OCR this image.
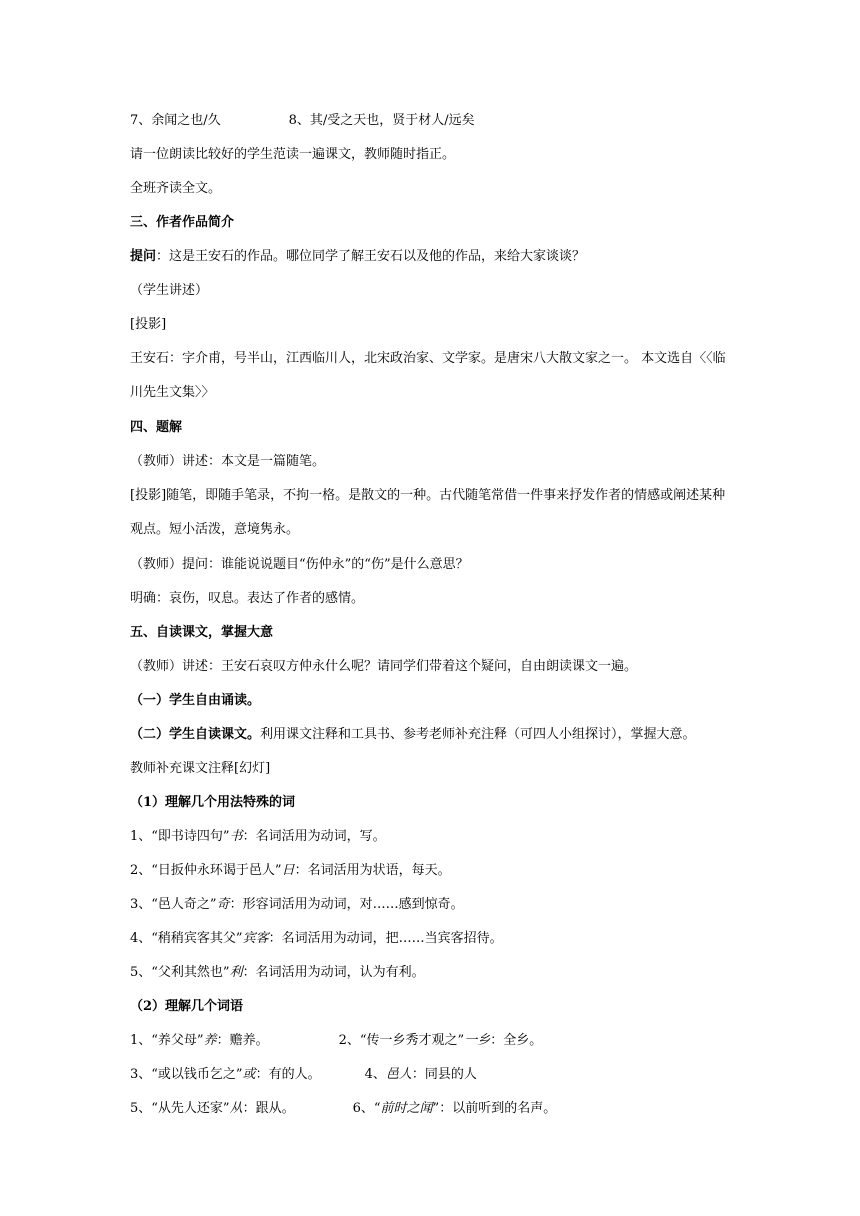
7、余闻之也/久	8、其/受之天也，贤于材人/远矣
请一位朗读比较好的学生范读一遍课文，教师随时指正。
全班齐读全文。
三、作者作品简介
提问：这是王安石的作品。哪位同学了解王安石以及他的作品，来给大家谈谈？
（学生讲述）
[投影]
王安石：字介甫，号半山，江西临川人，北宋政治家、文学家。是唐宋八大散文家之一。 本文选自〈〈临川先生文集〉〉
四、题解
（教师）讲述：本文是一篇随笔。
[投影]随笔，即随手笔录，不拘一格。是散文的一种。古代随笔常借一件事来抒发作者的情感或阐述某种观点。短小活泼，意境隽永。
（教师）提问：谁能说说题目“伤仲永”的“伤”是什么意思？
明确：哀伤，叹息。表达了作者的感情。
五、自读课文，掌握大意
（教师）讲述：王安石哀叹方仲永什么呢？请同学们带着这个疑问，自由朗读课文一遍。
（一）学生自由诵读。
（二）学生自读课文。利用课文注释和工具书、参考老师补充注释（可四人小组探讨），掌握大意。
教师补充课文注释[幻灯]
（1）理解几个用法特殊的词
1、“即书诗四句”书：名词活用为动词，写。
2、“日扳仲永环谒于邑人”日：名词活用为状语，每天。
3、“邑人奇之”奇：形容词活用为动词，对……感到惊奇。
4、“稍稍宾客其父”宾客：名词活用为动词，把……当宾客招待。
5、“父利其然也”利：名词活用为动词，认为有利。
（2）理解几个词语
1、“养父母”养：赡养。	2、“传一乡秀才观之”一乡：全乡。
3、“或以钱币乞之”或：有的人。	4、邑人：同县的人
5、“从先人还家”从：跟从。	6、“前时之闻”：以前听到的名声。
